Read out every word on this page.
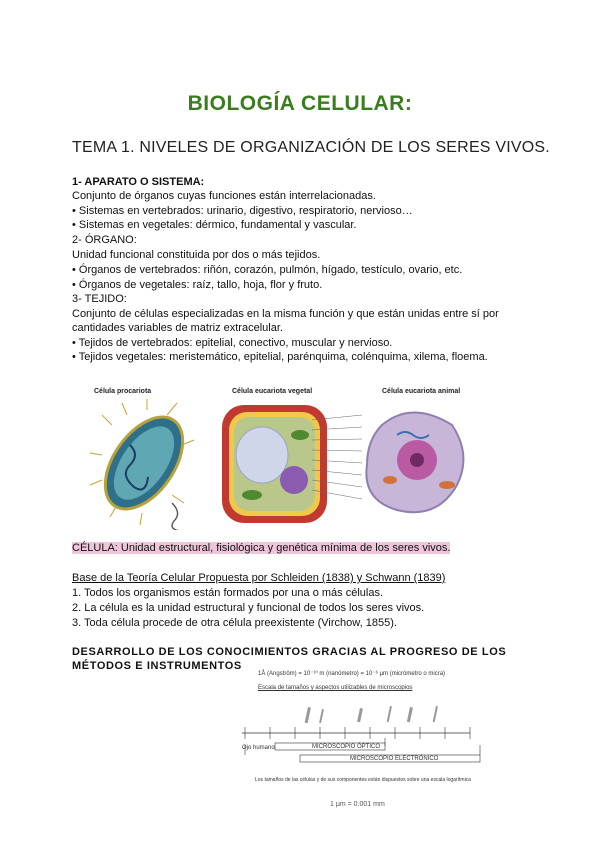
BIOLOGÍA CELULAR:
TEMA 1. NIVELES DE ORGANIZACIÓN DE LOS SERES VIVOS.
1- APARATO O SISTEMA:
Conjunto de órganos cuyas funciones están interrelacionadas.
• Sistemas en vertebrados: urinario, digestivo, respiratorio, nervioso…
• Sistemas en vegetales: dérmico, fundamental y vascular.
2- ÓRGANO:
Unidad funcional constituida por dos o más tejidos.
• Órganos de vertebrados: riñón, corazón, pulmón, hígado, testículo, ovario, etc.
• Órganos de vegetales: raíz, tallo, hoja, flor y fruto.
3- TEJIDO:
Conjunto de células especializadas en la misma función y que están unidas entre sí por
cantidades variables de matriz extracelular.
• Tejidos de vertebrados: epitelial, conectivo, muscular y nervioso.
• Tejidos vegetales: meristemático, epitelial, parénquima, colénquima, xilema, floema.
Célula procariota	Célula eucariota vegetal	Célula eucariota animal
CÉLULA: Unidad estructural, fisiológica y genética mínima de los seres vivos.
Base de la Teoría Celular Propuesta por Schleiden (1838) y Schwann (1839)
1. Todos los organismos están formados por una o más células.
2. La célula es la unidad estructural y funcional de todos los seres vivos.
3. Toda célula procede de otra célula preexistente (Virchow, 1855).
DESARROLLO DE LOS CONOCIMIENTOS GRACIAS AL PROGRESO DE LOS
MÉTODOS E INSTRUMENTOS
1Å (Angström) = 10⁻¹⁰ m (nanómetro) = 10⁻⁶ μm (micrómetro o micra)
Escala de tamaños y aspectos utilizables de microscopios
Ojo humano	MICROSCOPIO ÓPTICO
MICROSCOPIO ELECTRÓNICO
Los tamaños de las células y de sus componentes están dispuestos sobre una escala logarítmica
1 μm = 0.001 mm
